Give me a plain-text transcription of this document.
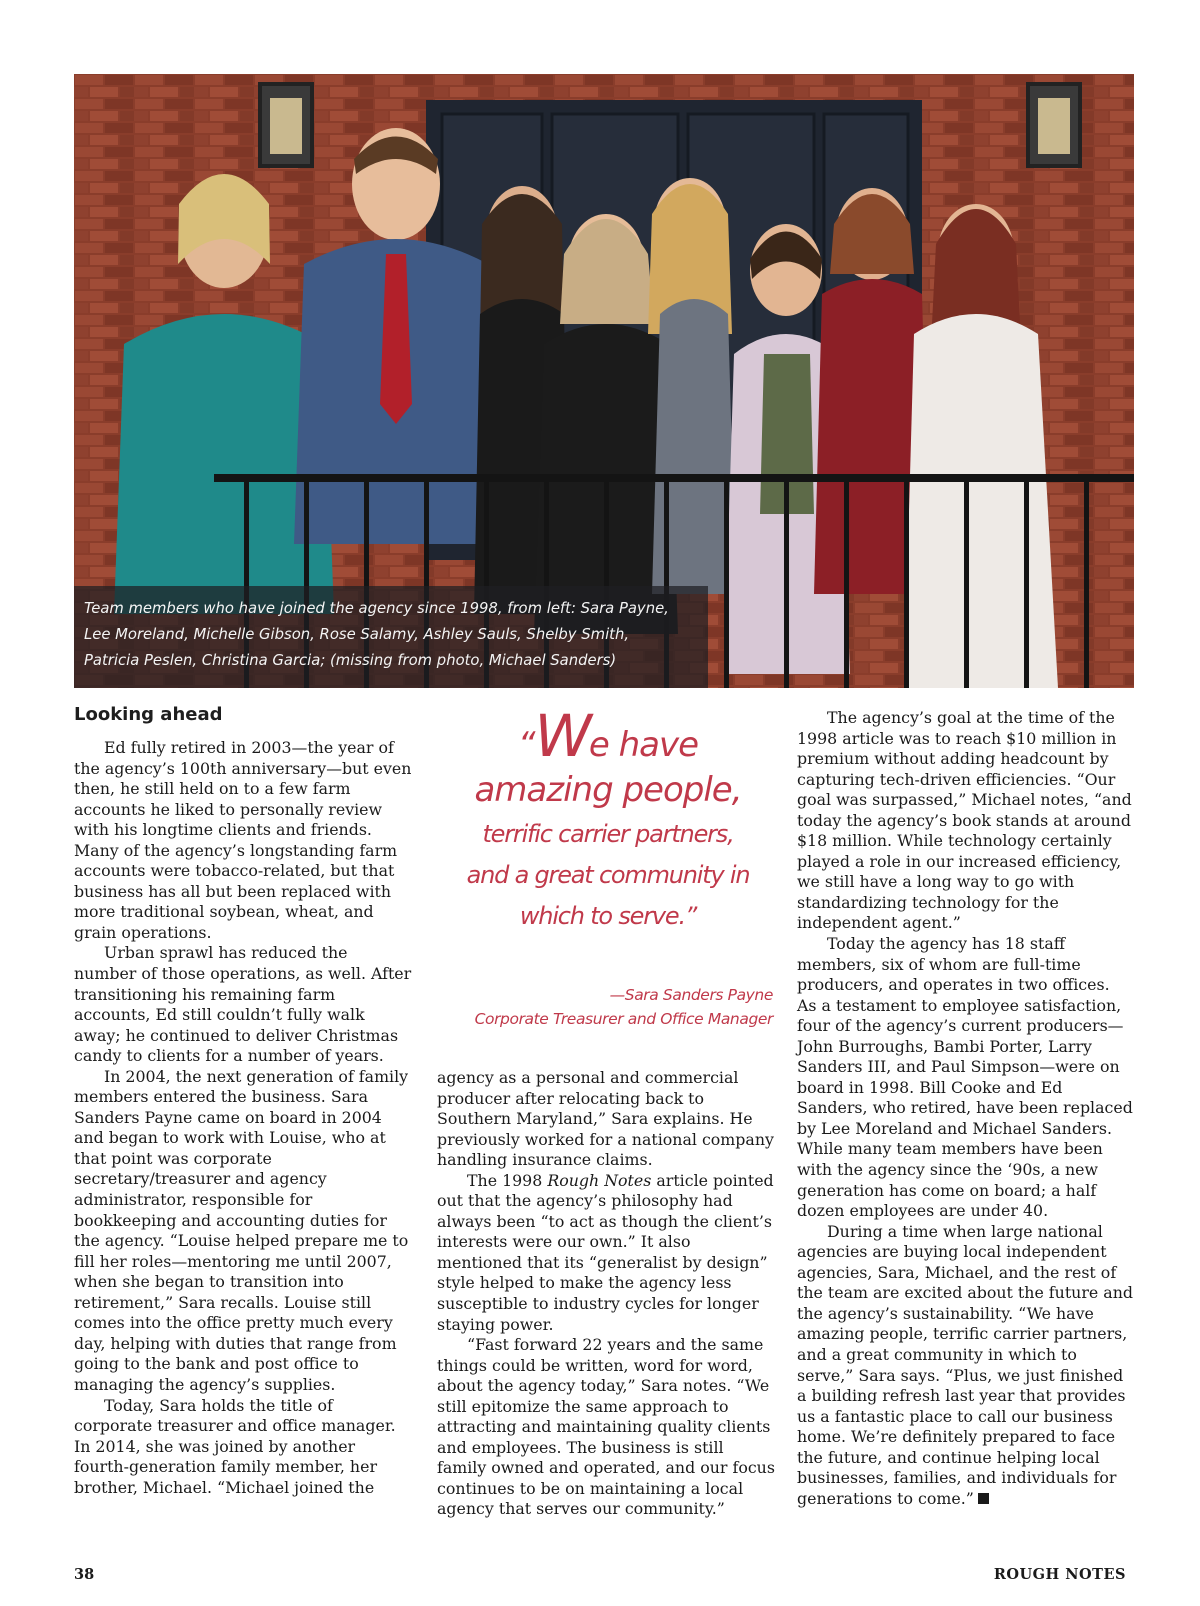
Team members who have joined the agency since 1998, from left: Sara Payne,
Lee Moreland, Michelle Gibson, Rose Salamy, Ashley Sauls, Shelby Smith,
Patricia Peslen, Christina Garcia; (missing from photo, Michael Sanders)
Looking ahead

Ed fully retired in 2003—the year of the agency’s 100th anniversary—but even then, he still held on to a few farm accounts he liked to personally review with his longtime clients and friends. Many of the agency’s longstanding farm accounts were tobacco-related, but that business has all but been replaced with more traditional soybean, wheat, and grain operations.

Urban sprawl has reduced the number of those operations, as well. After transitioning his remaining farm accounts, Ed still couldn’t fully walk away; he continued to deliver Christmas candy to clients for a number of years.

In 2004, the next generation of family members entered the business. Sara Sanders Payne came on board in 2004 and began to work with Louise, who at that point was corporate secretary/treasurer and agency administrator, responsible for bookkeeping and accounting duties for the agency. “Louise helped prepare me to fill her roles—mentoring me until 2007, when she began to transition into retirement,” Sara recalls. Louise still comes into the office pretty much every day, helping with duties that range from going to the bank and post office to managing the agency’s supplies.

Today, Sara holds the title of corporate treasurer and office manager. In 2014, she was joined by another fourth-generation family member, her brother, Michael. “Michael joined the

“We have
amazing people,
terrific carrier partners,
and a great community in
which to serve.”
—Sara Sanders Payne
Corporate Treasurer and Office Manager

agency as a personal and commercial producer after relocating back to Southern Maryland,” Sara explains. He previously worked for a national company handling insurance claims.

The 1998 Rough Notes article pointed out that the agency’s philosophy had always been “to act as though the client’s interests were our own.” It also mentioned that its “generalist by design” style helped to make the agency less susceptible to industry cycles for longer staying power.

“Fast forward 22 years and the same things could be written, word for word, about the agency today,” Sara notes. “We still epitomize the same approach to attracting and maintaining quality clients and employees. The business is still family owned and operated, and our focus continues to be on maintaining a local agency that serves our community.”

The agency’s goal at the time of the 1998 article was to reach $10 million in premium without adding headcount by capturing tech-driven efficiencies. “Our goal was surpassed,” Michael notes, “and today the agency’s book stands at around $18 million. While technology certainly played a role in our increased efficiency, we still have a long way to go with standardizing technology for the independent agent.”

Today the agency has 18 staff members, six of whom are full-time producers, and operates in two offices. As a testament to employee satisfaction, four of the agency’s current producers—John Burroughs, Bambi Porter, Larry Sanders III, and Paul Simpson—were on board in 1998. Bill Cooke and Ed Sanders, who retired, have been replaced by Lee Moreland and Michael Sanders. While many team members have been with the agency since the ‘90s, a new generation has come on board; a half dozen employees are under 40.

During a time when large national agencies are buying local independent agencies, Sara, Michael, and the rest of the team are excited about the future and the agency’s sustainability. “We have amazing people, terrific carrier partners, and a great community in which to serve,” Sara says. “Plus, we just finished a building refresh last year that provides us a fantastic place to call our business home. We’re definitely prepared to face the future, and continue helping local businesses, families, and individuals for generations to come.”

38	ROUGH NOTES
